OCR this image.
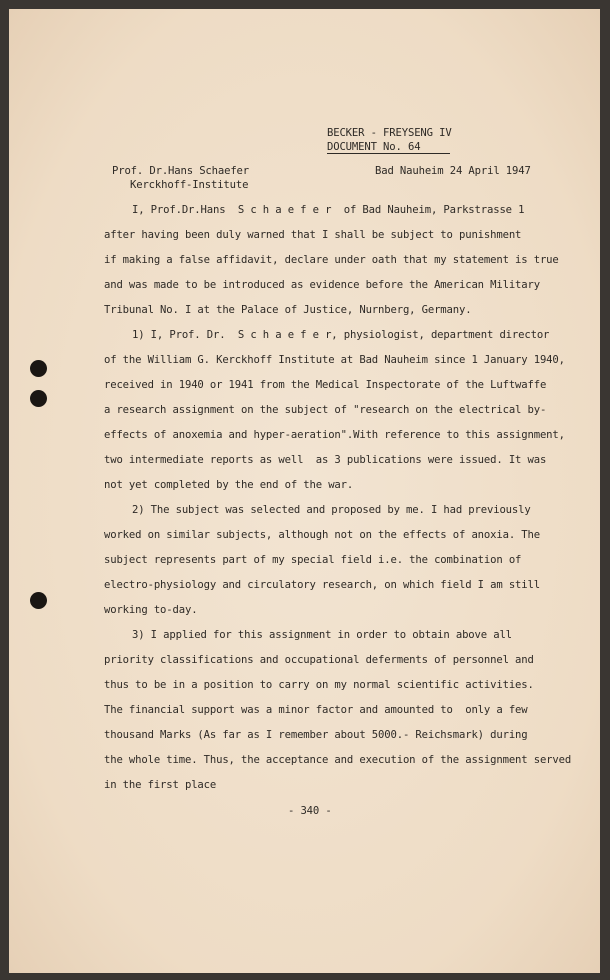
BECKER - FREYSENG IV
DOCUMENT No. 64
Prof. Dr.Hans Schaefer
Kerckhoff-Institute
Bad Nauheim 24 April 1947
I, Prof.Dr.Hans  S c h a e f e r  of Bad Nauheim, Parkstrasse 1
after having been duly warned that I shall be subject to punishment
if making a false affidavit, declare under oath that my statement is true
and was made to be introduced as evidence before the American Military
Tribunal No. I at the Palace of Justice, Nurnberg, Germany.
1) I, Prof. Dr.  S c h a e f e r, physiologist, department director
of the William G. Kerckhoff Institute at Bad Nauheim since 1 January 1940,
received in 1940 or 1941 from the Medical Inspectorate of the Luftwaffe
a research assignment on the subject of "research on the electrical by-
effects of anoxemia and hyper-aeration".With reference to this assignment,
two intermediate reports as well  as 3 publications were issued. It was
not yet completed by the end of the war.
2) The subject was selected and proposed by me. I had previously
worked on similar subjects, although not on the effects of anoxia. The
subject represents part of my special field i.e. the combination of
electro-physiology and circulatory research, on which field I am still
working to-day.
3) I applied for this assignment in order to obtain above all
priority classifications and occupational deferments of personnel and
thus to be in a position to carry on my normal scientific activities.
The financial support was a minor factor and amounted to  only a few
thousand Marks (As far as I remember about 5000.- Reichsmark) during
the whole time. Thus, the acceptance and execution of the assignment served
in the first place
- 340 -
